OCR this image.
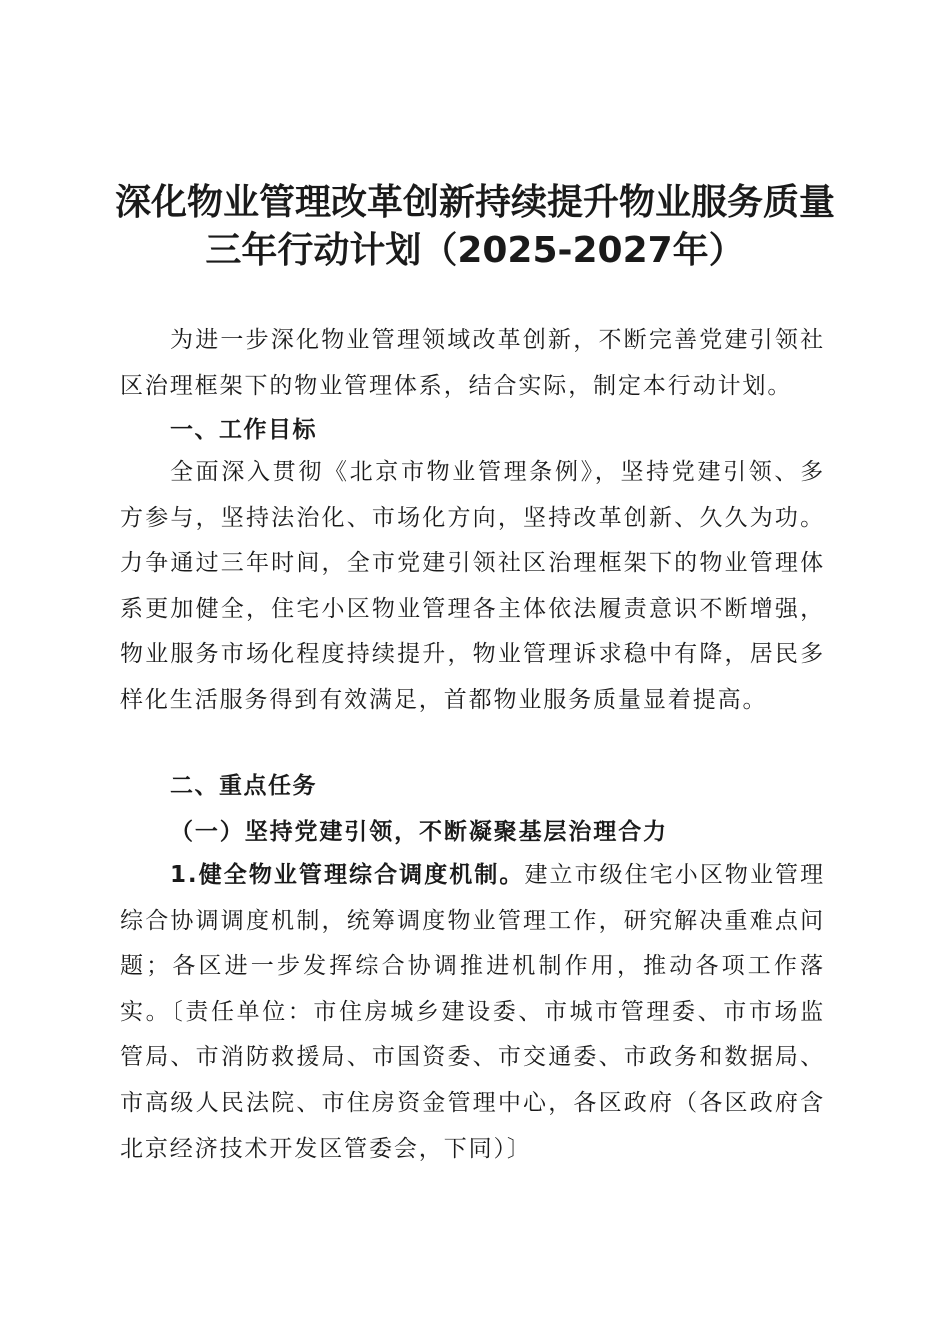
深化物业管理改革创新持续提升物业服务质量
三年行动计划（2025-2027年）

为进一步深化物业管理领域改革创新，不断完善党建引领社区治理框架下的物业管理体系，结合实际，制定本行动计划。

一、工作目标

全面深入贯彻《北京市物业管理条例》，坚持党建引领、多方参与，坚持法治化、市场化方向，坚持改革创新、久久为功。力争通过三年时间，全市党建引领社区治理框架下的物业管理体系更加健全，住宅小区物业管理各主体依法履责意识不断增强，物业服务市场化程度持续提升，物业管理诉求稳中有降，居民多样化生活服务得到有效满足，首都物业服务质量显着提高。

二、重点任务
（一）坚持党建引领，不断凝聚基层治理合力

1.健全物业管理综合调度机制。建立市级住宅小区物业管理综合协调调度机制，统筹调度物业管理工作，研究解决重难点问题；各区进一步发挥综合协调推进机制作用，推动各项工作落实。〔责任单位：市住房城乡建设委、市城市管理委、市市场监管局、市消防救援局、市国资委、市交通委、市政务和数据局、市高级人民法院、市住房资金管理中心，各区政府（各区政府含北京经济技术开发区管委会，下同）〕
